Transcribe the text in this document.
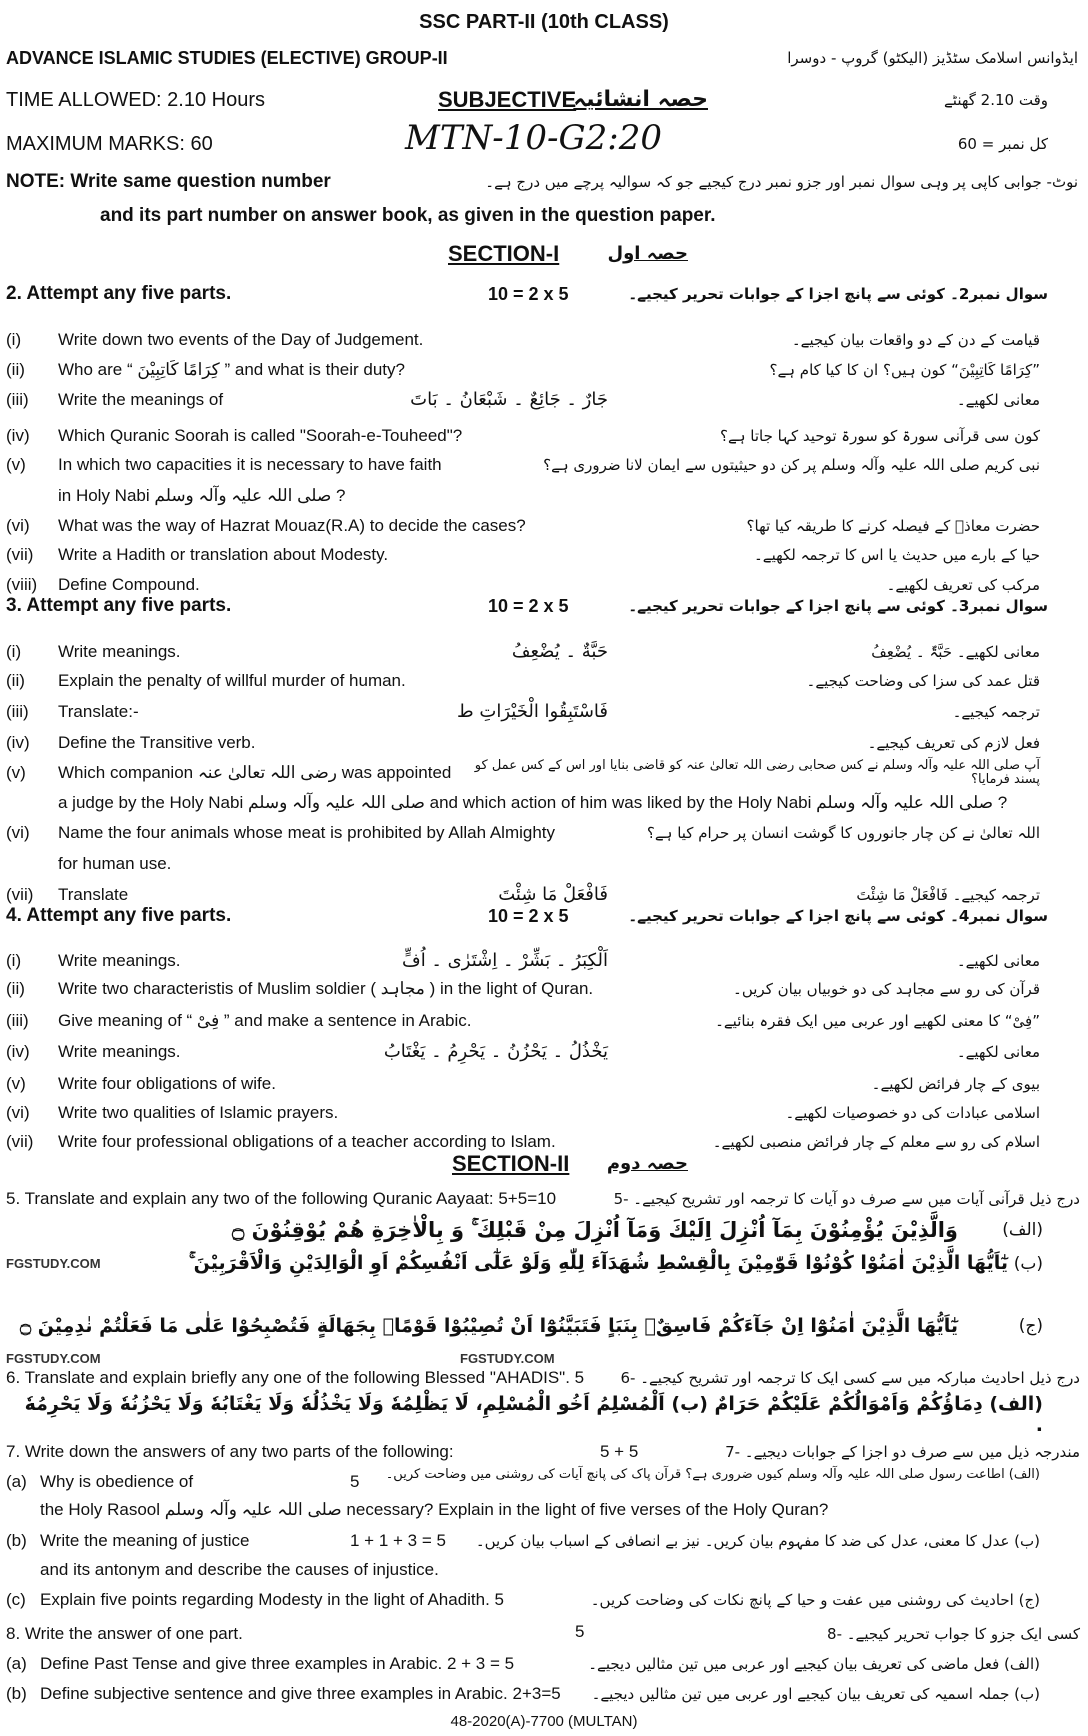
SSC PART-II (10th CLASS)
ADVANCE ISLAMIC STUDIES (ELECTIVE) GROUP-II	ایڈوانس اسلامک سٹڈیز (الیکٹو) گروپ - دوسرا
TIME ALLOWED: 2.10 Hours	SUBJECTIVE
حصہ انشائیہ	وقت 2.10 گھنٹے
MTN-10-G2:20
MAXIMUM MARKS: 60	کل نمبر = 60
NOTE: Write same question number	نوٹ- جوابی کاپی پر وہی سوال نمبر اور جزو نمبر درج کیجیے جو کہ سوالیہ پرچے میں درج ہے۔
and its part number on answer book, as given in the question paper.
SECTION-I	حصہ اول
2. Attempt any five parts.	10 = 2 x 5	سوال نمبر2۔ کوئی سے پانچ اجزا کے جوابات تحریر کیجیے۔
(i) Write down two events of the Day of Judgement.	قیامت کے دن کے دو واقعات بیان کیجیے۔
(ii) Who are “ كِرَامًا كَاتِبِيْنَ ” and what is their duty?	”کِرَامًا کَاتِبِیْنَ“ کون ہیں؟ ان کا کیا کام ہے؟
(iii) Write the meanings of	جَارٌ ۔ جَائِعٌ ۔ شَبْعَانُ ۔ بَاتَ	معانی لکھیے۔
(iv) Which Quranic Soorah is called "Soorah-e-Touheed"?	کون سی قرآنی سورۃ کو سورۃ توحید کہا جاتا ہے؟
(v) In which two capacities it is necessary to have faith	نبی کریم صلی اللہ علیہ وآلہ وسلم پر کن دو حیثیتوں سے ایمان لانا ضروری ہے؟
in Holy Nabi صلی اللہ علیہ وآلہ وسلم ?
(vi) What was the way of Hazrat Mouaz(R.A) to decide the cases?	حضرت معاذؓ کے فیصلہ کرنے کا طریقہ کیا تھا؟
(vii) Write a Hadith or translation about Modesty.	حیا کے بارے میں حدیث یا اس کا ترجمہ لکھیے۔
(viii) Define Compound.	مرکب کی تعریف لکھیے۔
3. Attempt any five parts.	10 = 2 x 5	سوال نمبر3۔ کوئی سے پانچ اجزا کے جوابات تحریر کیجیے۔
(i) Write meanings.	حَبَّةٌ ۔ يُضْعِفُ	معانی لکھیے۔ حَبَّۃٌ ۔ یُضْعِفُ
(ii) Explain the penalty of willful murder of human.	قتل عمد کی سزا کی وضاحت کیجیے۔
(iii) Translate:-	فَاسْتَبِقُوا الْخَيْرَاتِ ط	ترجمہ کیجیے۔
(iv) Define the Transitive verb.	فعل لازم کی تعریف کیجیے۔
(v) Which companion رضی اللہ تعالیٰ عنہ was appointed	آپ صلی اللہ علیہ وآلہ وسلم نے کس صحابی رضی اللہ تعالیٰ عنہ کو قاضی بنایا اور اس کے کس عمل کو پسند فرمایا؟
a judge by the Holy Nabi صلی اللہ علیہ وآلہ وسلم and which action of him was liked by the Holy Nabi صلی اللہ علیہ وآلہ وسلم ?
(vi) Name the four animals whose meat is prohibited by Allah Almighty	اللہ تعالیٰ نے کن چار جانوروں کا گوشت انسان پر حرام کیا ہے؟
for human use.
(vii) Translate	فَافْعَلْ مَا شِئْتَ	ترجمہ کیجیے۔ فَافْعَلْ مَا شِئْتَ
4. Attempt any five parts.	10 = 2 x 5	سوال نمبر4۔ کوئی سے پانچ اجزا کے جوابات تحریر کیجیے۔
(i) Write meanings.	اَلْكِبَرُ ۔ بَشِّرْ ۔ اِشْتَرٰى ۔ اُفٍّ	معانی لکھیے۔
(ii) Write two characteristis of Muslim soldier ( مجاہد ) in the light of Quran.	قرآن کی رو سے مجاہد کی دو خوبیاں بیان کریں۔
(iii) Give meaning of “ فِیْ ” and make a sentence in Arabic.	”فِیْ“ کا معنی لکھیے اور عربی میں ایک فقرہ بنائیے۔
(iv) Write meanings.	يَخْذُلُ ۔ يَحْزُنُ ۔ يَحْرِمُ ۔ يَغْتَابُ	معانی لکھیے۔
(v) Write four obligations of wife.	بیوی کے چار فرائض لکھیے۔
(vi) Write two qualities of Islamic prayers.	اسلامی عبادات کی دو خصوصیات لکھیے۔
(vii) Write four professional obligations of a teacher according to Islam.	اسلام کی رو سے معلم کے چار فرائض منصبی لکھیے۔
SECTION-II حصہ دوم
5. Translate and explain any two of the following Quranic Aayaat: 5+5=10	درج ذیل قرآنی آیات میں سے صرف دو آیات کا ترجمہ اور تشریح کیجیے۔ -5
وَالَّذِيْنَ يُؤْمِنُوْنَ بِمَآ اُنْزِلَ اِلَيْكَ وَمَآ اُنْزِلَ مِنْ قَبْلِكَ ۚ وَ بِالْاٰخِرَةِ هُمْ يُوْقِنُوْنَ ۝	(الف)
FGSTUDY.COM	يٰٓاَيُّهَا الَّذِيْنَ اٰمَنُوْا كُوْنُوْا قَوّٰمِيْنَ بِالْقِسْطِ شُهَدَآءَ لِلّٰهِ وَلَوْ عَلٰٓى اَنْفُسِكُمْ اَوِ الْوَالِدَيْنِ وَالْاَقْرَبِيْنَ ۚ (ب)
يٰٓاَيُّهَا الَّذِيْنَ اٰمَنُوْٓا اِنْ جَآءَكُمْ فَاسِقٌۢ بِنَبَاٍ فَتَبَيَّنُوْٓا اَنْ تُصِيْبُوْا قَوْمًاۢ بِجَهَالَةٍ فَتُصْبِحُوْا عَلٰى مَا فَعَلْتُمْ نٰدِمِيْنَ ۝	(ج)
FGSTUDY.COM	FGSTUDY.COM
6. Translate and explain briefly any one of the following Blessed "AHADIS". 5 درج ذیل احادیث مبارکہ میں سے کسی ایک کا ترجمہ اور تشریح کیجیے۔ -6
(الف) دِمَاؤُكُمْ وَاَمْوَالُكُمْ عَلَيْكُمْ حَرَامٌ (ب) اَلْمُسْلِمُ اَخُو الْمُسْلِمِ، لَا يَظْلِمُهٗ وَلَا يَخْذُلُهٗ وَلَا يَغْتَابُهٗ وَلَا يَحْزُنُهٗ وَلَا يَحْرِمُهٗ .
7. Write down the answers of any two parts of the following:	5 + 5	مندرجہ ذیل میں سے صرف دو اجزا کے جوابات دیجیے۔ -7
(a) Why is obedience of	(الف) اطاعت رسول صلی اللہ علیہ وآلہ وسلم کیوں ضروری ہے؟ قرآن پاک کی پانچ آیات کی روشنی میں وضاحت کریں۔
5
the Holy Rasool صلی اللہ علیہ وآلہ وسلم necessary? Explain in the light of five verses of the Holy Quran?
(b) Write the meaning of justice	(ب) عدل کا معنی، عدل کی ضد کا مفہوم بیان کریں۔ نیز بے انصافی کے اسباب بیان کریں۔
1 + 1 + 3 = 5
and its antonym and describe the causes of injustice.
(c) Explain five points regarding Modesty in the light of Ahadith. 5	(ج) احادیث کی روشنی میں عفت و حیا کے پانچ نکات کی وضاحت کریں۔
8. Write the answer of one part.	5	کسی ایک جزو کا جواب تحریر کیجیے۔ -8
(a) Define Past Tense and give three examples in Arabic. 2 + 3 = 5	(الف) فعل ماضی کی تعریف بیان کیجیے اور عربی میں تین مثالیں دیجیے۔
(b) Define subjective sentence and give three examples in Arabic. 2+3=5 (ب) جملہ اسمیہ کی تعریف بیان کیجیے اور عربی میں تین مثالیں دیجیے۔
48-2020(A)-7700 (MULTAN)
